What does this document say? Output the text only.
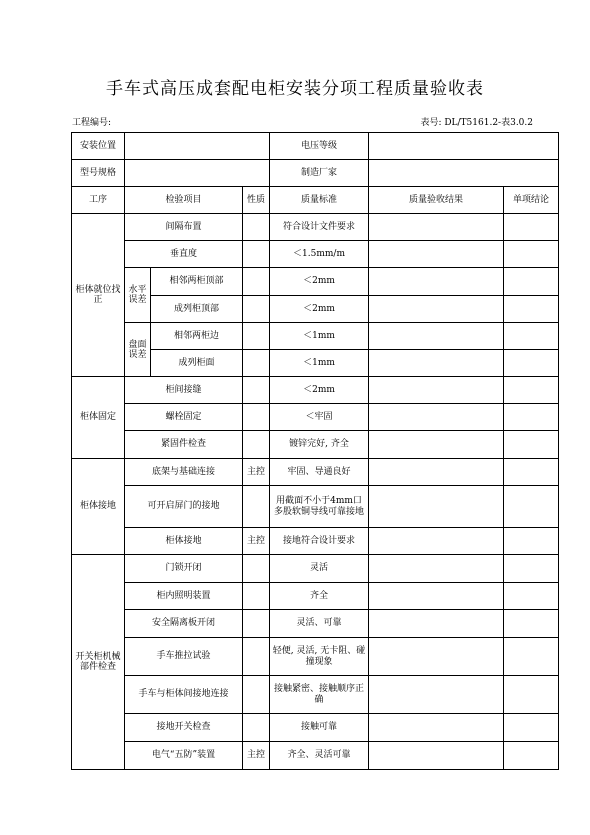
手车式高压成套配电柜安装分项工程质量验收表
工程编号:	表号: DL/T5161.2-表3.0.2
安装位置				电压等级		
型号规格				制造厂家		
工序	检验项目		性质	质量标准	质量验收结果	单项结论
柜体就位找正	间隔布置			符合设计文件要求		
	垂直度			＜1.5mm/m		
	水平误差	相邻两柜顶部		＜2mm		
		成列柜顶部		＜2mm		
	盘面误差	相邻两柜边		＜1mm		
		成列柜面		＜1mm		
柜体固定	柜间接缝			＜2mm		
	螺栓固定			＜牢固		
	紧固件检查			镀锌完好, 齐全		
柜体接地	底架与基础连接		主控	牢固、导通良好		
	可开启屏门的接地			用截面不小于4mm口 多股软铜导线可靠接地		
	柜体接地		主控	接地符合设计要求		
开关柜机械部件检查	门锁开闭			灵活		
	柜内照明装置			齐全		
	安全隔离板开闭			灵活、可靠		
	手车推拉试验			轻便, 灵活, 无卡阻、碰撞现象		
	手车与柜体间接地连接			接触紧密、接触顺序正确		
	接地开关检查			接触可靠		
	电气“五防”装置		主控	齐全、灵活可靠		
